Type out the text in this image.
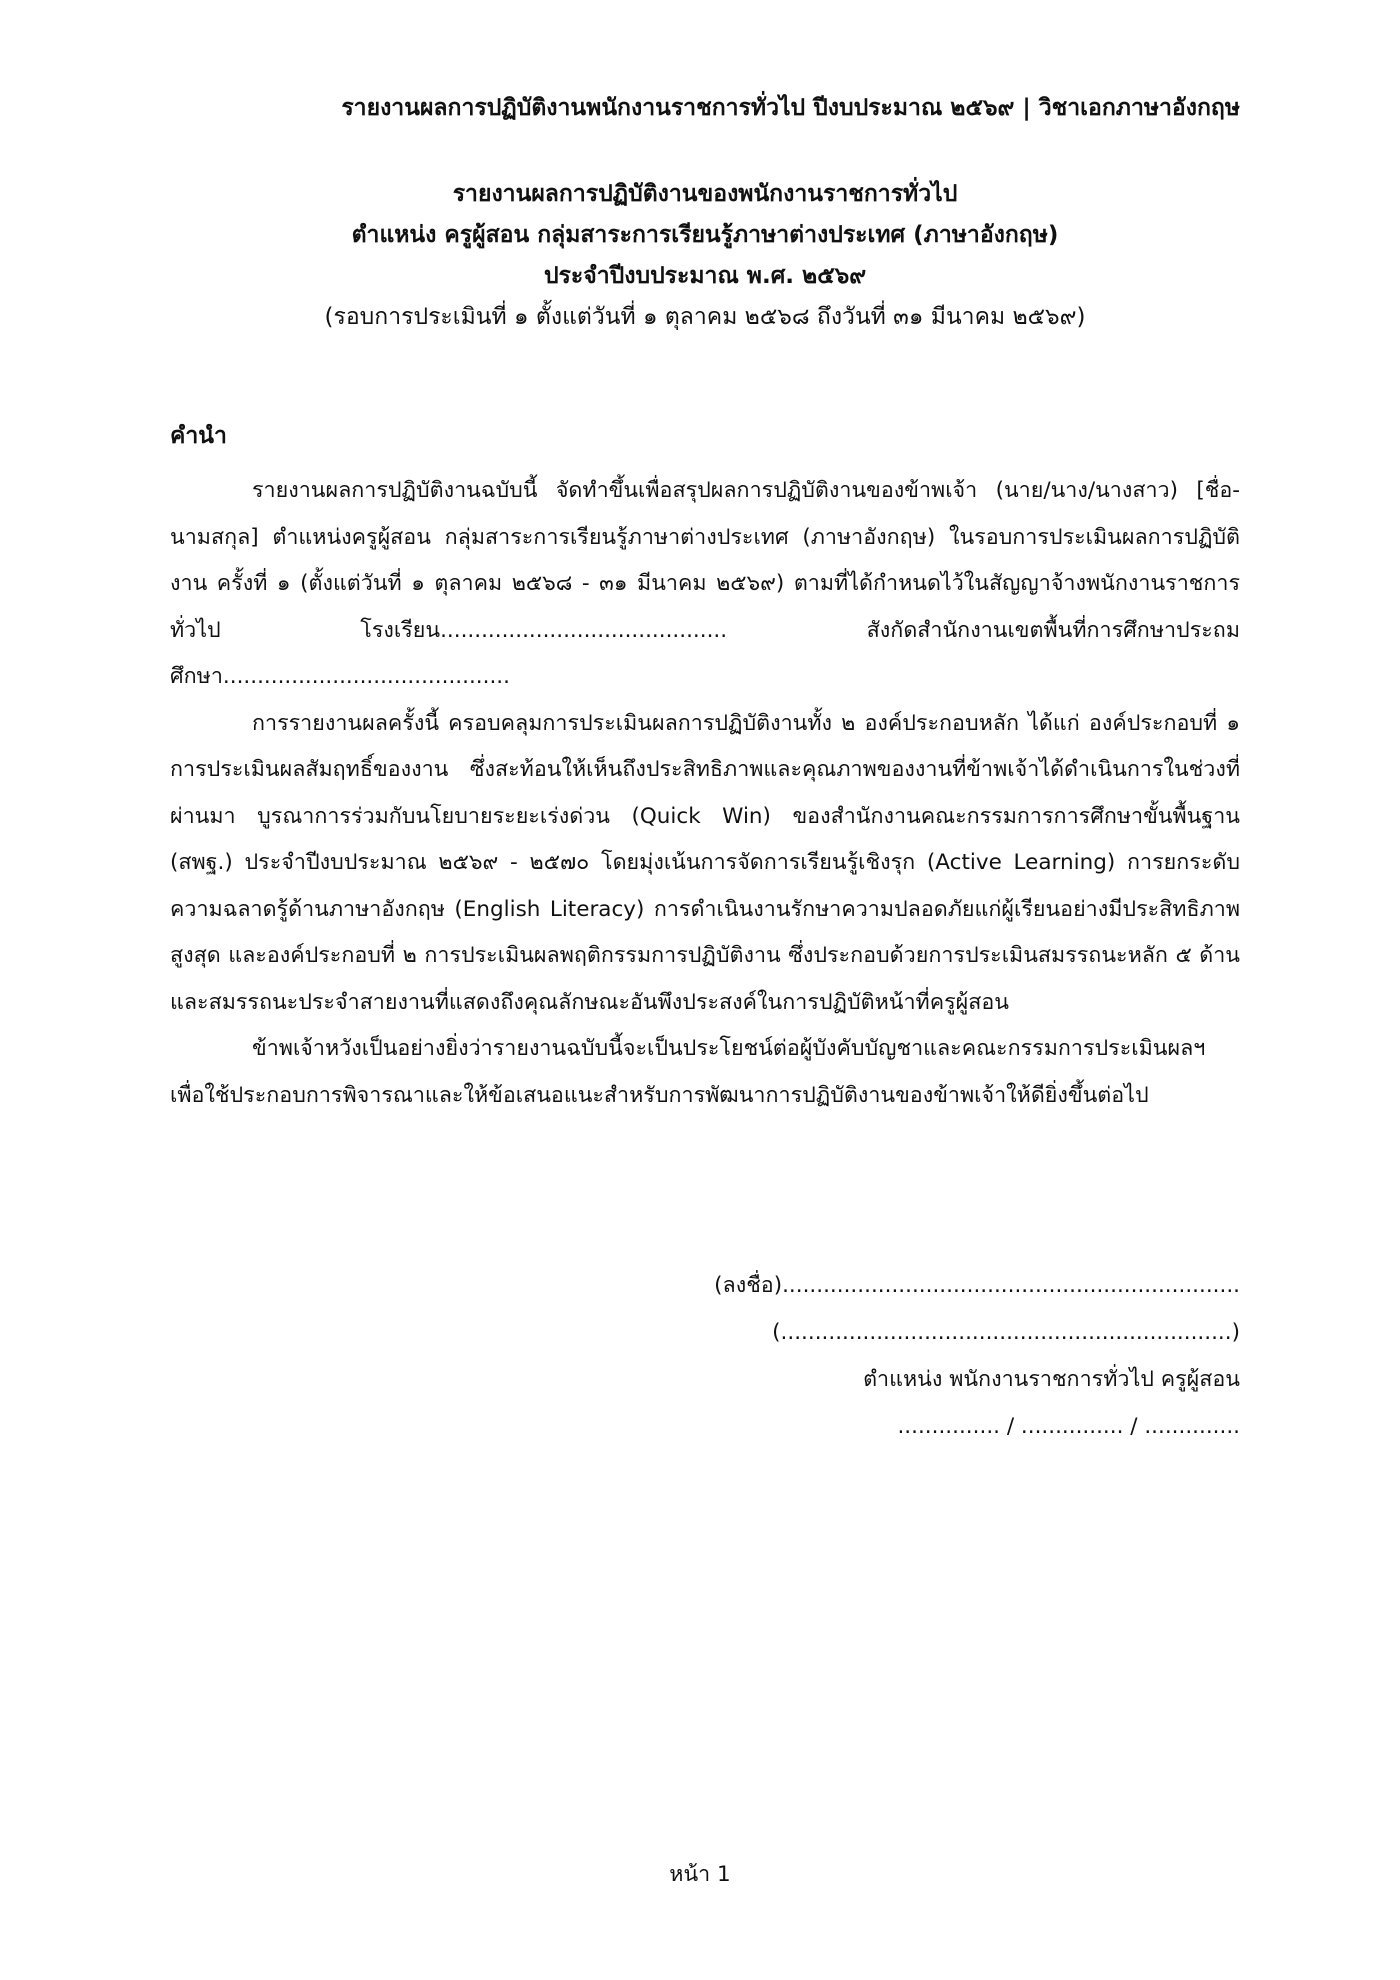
รายงานผลการปฏิบัติงานพนักงานราชการทั่วไป ปีงบประมาณ ๒๕๖๙ | วิชาเอกภาษาอังกฤษ
รายงานผลการปฏิบัติงานของพนักงานราชการทั่วไป
ตำแหน่ง ครูผู้สอน กลุ่มสาระการเรียนรู้ภาษาต่างประเทศ (ภาษาอังกฤษ)
ประจำปีงบประมาณ พ.ศ. ๒๕๖๙
(รอบการประเมินที่ ๑ ตั้งแต่วันที่ ๑ ตุลาคม ๒๕๖๘ ถึงวันที่ ๓๑ มีนาคม ๒๕๖๙)
คำนำ

รายงานผลการปฏิบัติงานฉบับนี้ จัดทำขึ้นเพื่อสรุปผลการปฏิบัติงานของข้าพเจ้า (นาย/นาง/นางสาว) [ชื่อ-นามสกุล] ตำแหน่งครูผู้สอน กลุ่มสาระการเรียนรู้ภาษาต่างประเทศ (ภาษาอังกฤษ) ในรอบการประเมินผลการปฏิบัติงาน ครั้งที่ ๑ (ตั้งแต่วันที่ ๑ ตุลาคม ๒๕๖๘ - ๓๑ มีนาคม ๒๕๖๙) ตามที่ได้กำหนดไว้ในสัญญาจ้างพนักงานราชการทั่วไป โรงเรียน.......................................... สังกัดสำนักงานเขตพื้นที่การศึกษาประถมศึกษา..........................................

การรายงานผลครั้งนี้ ครอบคลุมการประเมินผลการปฏิบัติงานทั้ง ๒ องค์ประกอบหลัก ได้แก่ องค์ประกอบที่ ๑ การประเมินผลสัมฤทธิ์ของงาน ซึ่งสะท้อนให้เห็นถึงประสิทธิภาพและคุณภาพของงานที่ข้าพเจ้าได้ดำเนินการในช่วงที่ผ่านมา บูรณาการร่วมกับนโยบายระยะเร่งด่วน (Quick Win) ของสำนักงานคณะกรรมการการศึกษาขั้นพื้นฐาน (สพฐ.) ประจำปีงบประมาณ ๒๕๖๙ - ๒๕๗๐ โดยมุ่งเน้นการจัดการเรียนรู้เชิงรุก (Active Learning) การยกระดับความฉลาดรู้ด้านภาษาอังกฤษ (English Literacy) การดำเนินงานรักษาความปลอดภัยแก่ผู้เรียนอย่างมีประสิทธิภาพสูงสุด และองค์ประกอบที่ ๒ การประเมินผลพฤติกรรมการปฏิบัติงาน ซึ่งประกอบด้วยการประเมินสมรรถนะหลัก ๕ ด้าน และสมรรถนะประจำสายงานที่แสดงถึงคุณลักษณะอันพึงประสงค์ในการปฏิบัติหน้าที่ครูผู้สอน

ข้าพเจ้าหวังเป็นอย่างยิ่งว่ารายงานฉบับนี้จะเป็นประโยชน์ต่อผู้บังคับบัญชาและคณะกรรมการประเมินผลฯ เพื่อใช้ประกอบการพิจารณาและให้ข้อเสนอแนะสำหรับการพัฒนาการปฏิบัติงานของข้าพเจ้าให้ดียิ่งขึ้นต่อไป

(ลงชื่อ)...................................................................
(..................................................................)
ตำแหน่ง พนักงานราชการทั่วไป ครูผู้สอน
............... / ............... / ..............
หน้า 1
